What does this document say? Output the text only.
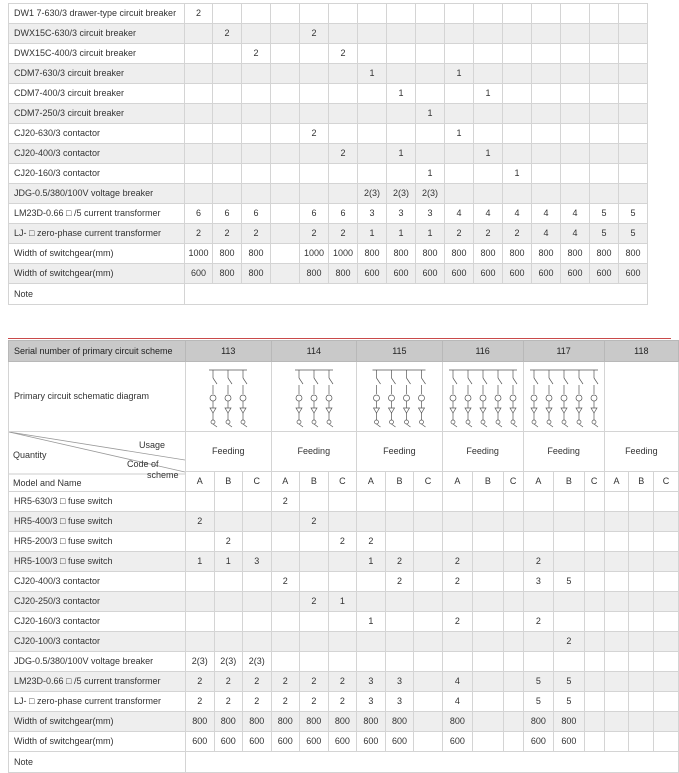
DW1 7-630/3 drawer-type circuit breaker	2															
DWX15C-630/3 circuit breaker		2			2											
DWX15C-400/3 circuit breaker			2			2										
CDM7-630/3 circuit breaker							1			1						
CDM7-400/3 circuit breaker								1			1					
CDM7-250/3 circuit breaker									1							
CJ20-630/3 contactor					2					1						
CJ20-400/3 contactor						2		1			1					
CJ20-160/3 contactor									1			1				
JDG-0.5/380/100V voltage breaker							2(3)	2(3)	2(3)							
LM23D-0.66 □ /5 current transformer	6	6	6		6	6	3	3	3	4	4	4	4	4	5	5
LJ- □ zero-phase current transformer	2	2	2		2	2	1	1	1	2	2	2	4	4	5	5
Width of switchgear(mm)	1000	800	800		1000	1000	800	800	800	800	800	800	800	800	800	800
Width of switchgear(mm)	600	800	800		800	800	600	600	600	600	600	600	600	600	600	600
Note																
Serial number of primary circuit scheme	113			114			115			116			117			118		
Primary circuit schematic diagram	

Usage
Quantity
Code of
scheme
Model and Name	Feeding			Feeding			Feeding			Feeding			Feeding			Feeding		
	A	B	C	A	B	C	A	B	C	A	B	C	A	B	C	A	B	C
HR5-630/3 □ fuse switch				2														
HR5-400/3 □ fuse switch	2				2													
HR5-200/3 □ fuse switch		2				2	2											
HR5-100/3 □ fuse switch	1	1	3				1	2		2			2					
CJ20-400/3 contactor				2				2		2			3	5				
CJ20-250/3 contactor					2	1												
CJ20-160/3 contactor							1			2			2					
CJ20-100/3 contactor														2				
JDG-0.5/380/100V voltage breaker	2(3)	2(3)	2(3)															
LM23D-0.66 □ /5 current transformer	2	2	2	2	2	2	3	3		4			5	5				
LJ- □ zero-phase current transformer	2	2	2	2	2	2	3	3		4			5	5				
Width of switchgear(mm)	800	800	800	800	800	800	800	800		800			800	800				
Width of switchgear(mm)	600	600	600	600	600	600	600	600		600			600	600				
Note																		
